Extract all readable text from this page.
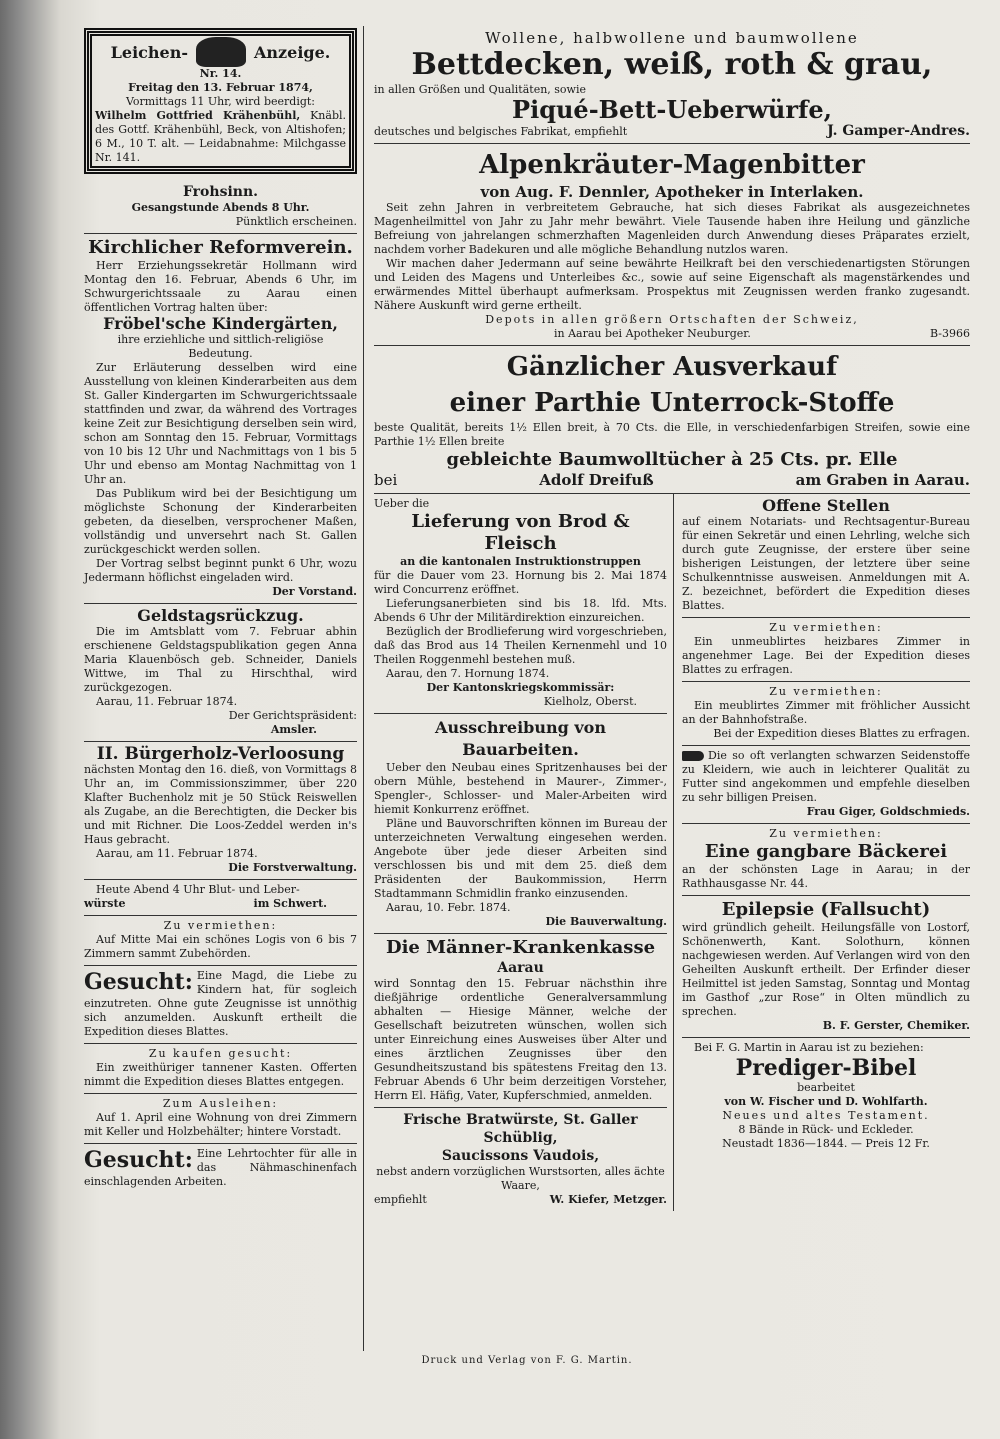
Leichen-	Anzeige.

Nr. 14.

Freitag den 13. Februar 1874,

Vormittags 11 Uhr, wird beerdigt:

Wilhelm Gottfried Krähenbühl, Knäbl. des Gottf. Krähenbühl, Beck, von Altishofen; 6 M., 10 T. alt. — Leidabnahme: Milchgasse Nr. 141.

Frohsinn.

Gesangstunde Abends 8 Uhr.

Pünktlich erscheinen.

Kirchlicher Reformverein.

Herr Erziehungssekretär Hollmann wird Montag den 16. Februar, Abends 6 Uhr, im Schwurgerichtssaale zu Aarau einen öffentlichen Vortrag halten über:

Fröbel'sche Kindergärten,

ihre erziehliche und sittlich-religiöse Bedeutung.

Zur Erläuterung desselben wird eine Ausstellung von kleinen Kinderarbeiten aus dem St. Galler Kindergarten im Schwurgerichtssaale stattfinden und zwar, da während des Vortrages keine Zeit zur Besichtigung derselben sein wird, schon am Sonntag den 15. Februar, Vormittags von 10 bis 12 Uhr und Nachmittags von 1 bis 5 Uhr und ebenso am Montag Nachmittag von 1 Uhr an.

Das Publikum wird bei der Besichtigung um möglichste Schonung der Kinderarbeiten gebeten, da dieselben, versprochener Maßen, vollständig und unversehrt nach St. Gallen zurückgeschickt werden sollen.

Der Vortrag selbst beginnt punkt 6 Uhr, wozu Jedermann höflichst eingeladen wird.

Der Vorstand.

Geldstagsrückzug.

Die im Amtsblatt vom 7. Februar abhin erschienene Geldstagspublikation gegen Anna Maria Klauenbösch geb. Schneider, Daniels Wittwe, im Thal zu Hirschthal, wird zurückgezogen.

Aarau, 11. Februar 1874.

Der Gerichtspräsident:

Amsler.

II. Bürgerholz-Verloosung

nächsten Montag den 16. dieß, von Vormittags 8 Uhr an, im Commissionszimmer, über 220 Klafter Buchenholz mit je 50 Stück Reiswellen als Zugabe, an die Berechtigten, die Decker bis und mit Richner. Die Loos-Zeddel werden in's Haus gebracht.

Aarau, am 11. Februar 1874.

Die Forstverwaltung.

Heute Abend 4 Uhr Blut- und Leber-

würste	im Schwert.

Zu vermiethen:

Auf Mitte Mai ein schönes Logis von 6 bis 7 Zimmern sammt Zubehörden.

Gesucht: Eine Magd, die Liebe zu Kindern hat, für sogleich einzutreten. Ohne gute Zeugnisse ist unnöthig sich anzumelden. Auskunft ertheilt die Expedition dieses Blattes.

Zu kaufen gesucht:

Ein zweithüriger tannener Kasten. Offerten nimmt die Expedition dieses Blattes entgegen.

Zum Ausleihen:

Auf 1. April eine Wohnung von drei Zimmern mit Keller und Holzbehälter; hintere Vorstadt.

Gesucht: Eine Lehrtochter für alle in das Nähmaschinenfach einschlagenden Arbeiten.

Wollene, halbwollene und baumwollene

Bettdecken, weiß, roth & grau,

in allen Größen und Qualitäten, sowie

Piqué-Bett-Ueberwürfe,

deutsches und belgisches Fabrikat, empfiehlt	J. Gamper-Andres.

Alpenkräuter-Magenbitter

von Aug. F. Dennler, Apotheker in Interlaken.

Seit zehn Jahren in verbreitetem Gebrauche, hat sich dieses Fabrikat als ausgezeichnetes Magenheilmittel von Jahr zu Jahr mehr bewährt. Viele Tausende haben ihre Heilung und gänzliche Befreiung von jahrelangen schmerzhaften Magenleiden durch Anwendung dieses Präparates erzielt, nachdem vorher Badekuren und alle mögliche Behandlung nutzlos waren.

Wir machen daher Jedermann auf seine bewährte Heilkraft bei den verschiedenartigsten Störungen und Leiden des Magens und Unterleibes &c., sowie auf seine Eigenschaft als magenstärkendes und erwärmendes Mittel überhaupt aufmerksam. Prospektus mit Zeugnissen werden franko zugesandt. Nähere Auskunft wird gerne ertheilt.

Depots in allen größern Ortschaften der Schweiz,

in Aarau bei Apotheker Neuburger.	B-3966

Gänzlicher Ausverkauf

einer Parthie Unterrock-Stoffe

beste Qualität, bereits 1½ Ellen breit, à 70 Cts. die Elle, in verschiedenfarbigen Streifen, sowie eine Parthie 1½ Ellen breite

gebleichte Baumwolltücher à 25 Cts. pr. Elle

bei	Adolf Dreifuß	am Graben in Aarau.

Ueber die

Lieferung von Brod & Fleisch

an die kantonalen Instruktionstruppen

für die Dauer vom 23. Hornung bis 2. Mai 1874 wird Concurrenz eröffnet.

Lieferungsanerbieten sind bis 18. lfd. Mts. Abends 6 Uhr der Militärdirektion einzureichen.

Bezüglich der Brodlieferung wird vorgeschrieben, daß das Brod aus 14 Theilen Kernenmehl und 10 Theilen Roggenmehl bestehen muß.

Aarau, den 7. Hornung 1874.

Der Kantonskriegskommissär:

Kielholz, Oberst.

Ausschreibung von Bauarbeiten.

Ueber den Neubau eines Spritzenhauses bei der obern Mühle, bestehend in Maurer-, Zimmer-, Spengler-, Schlosser- und Maler-Arbeiten wird hiemit Konkurrenz eröffnet.

Pläne und Bauvorschriften können im Bureau der unterzeichneten Verwaltung eingesehen werden. Angebote über jede dieser Arbeiten sind verschlossen bis und mit dem 25. dieß dem Präsidenten der Baukommission, Herrn Stadtammann Schmidlin franko einzusenden.

Aarau, 10. Febr. 1874.

Die Bauverwaltung.

Die Männer-Krankenkasse

Aarau

wird Sonntag den 15. Februar nächsthin ihre dießjährige ordentliche Generalversammlung abhalten — Hiesige Männer, welche der Gesellschaft beizutreten wünschen, wollen sich unter Einreichung eines Ausweises über Alter und eines ärztlichen Zeugnisses über den Gesundheitszustand bis spätestens Freitag den 13. Februar Abends 6 Uhr beim derzeitigen Vorsteher, Herrn El. Häfig, Vater, Kupferschmied, anmelden.

Frische Bratwürste, St. Galler Schüblig,

Saucissons Vaudois,

nebst andern vorzüglichen Wurstsorten, alles ächte Waare,

empfiehlt	W. Kiefer, Metzger.

Offene Stellen

auf einem Notariats- und Rechtsagentur-Bureau für einen Sekretär und einen Lehrling, welche sich durch gute Zeugnisse, der erstere über seine bisherigen Leistungen, der letztere über seine Schulkenntnisse ausweisen. Anmeldungen mit A. Z. bezeichnet, befördert die Expedition dieses Blattes.

Zu vermiethen:

Ein unmeublirtes heizbares Zimmer in angenehmer Lage. Bei der Expedition dieses Blattes zu erfragen.

Zu vermiethen:

Ein meublirtes Zimmer mit fröhlicher Aussicht an der Bahnhofstraße.

Bei der Expedition dieses Blattes zu erfragen.

Die so oft verlangten schwarzen Seidenstoffe zu Kleidern, wie auch in leichterer Qualität zu Futter sind angekommen und empfehle dieselben zu sehr billigen Preisen.

Frau Giger, Goldschmieds.

Zu vermiethen:

Eine gangbare Bäckerei

an der schönsten Lage in Aarau; in der Rathhausgasse Nr. 44.

Epilepsie (Fallsucht)

wird gründlich geheilt. Heilungsfälle von Lostorf, Schönenwerth, Kant. Solothurn, können nachgewiesen werden. Auf Verlangen wird von den Geheilten Auskunft ertheilt. Der Erfinder dieser Heilmittel ist jeden Samstag, Sonntag und Montag im Gasthof „zur Rose“ in Olten mündlich zu sprechen.

B. F. Gerster, Chemiker.

Bei F. G. Martin in Aarau ist zu beziehen:

Prediger-Bibel

bearbeitet

von W. Fischer und D. Wohlfarth.

Neues und altes Testament.

8 Bände in Rück- und Eckleder.

Neustadt 1836—1844. — Preis 12 Fr.

Druck und Verlag von F. G. Martin.
